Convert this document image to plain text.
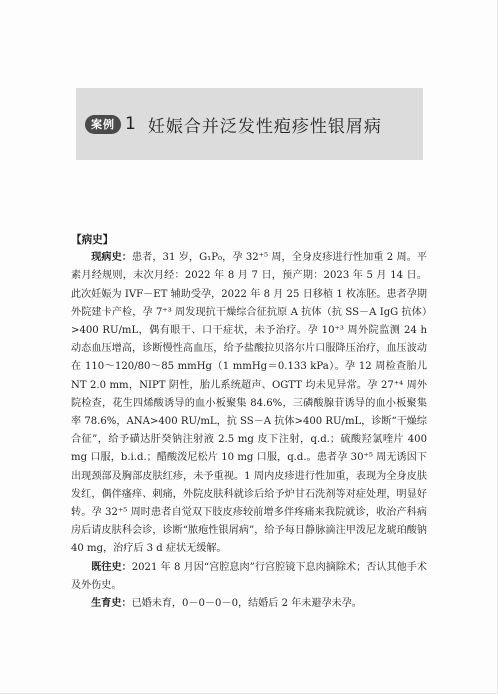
案例 1 妊娠合并泛发性疱疹性银屑病
【病史】

现病史：患者，31 岁，G₁P₀，孕 32⁺⁵ 周，全身皮疹进行性加重 2 周。平素月经规则，末次月经：2022 年 8 月 7 日，预产期：2023 年 5 月 14 日。此次妊娠为 IVF－ET 辅助受孕，2022 年 8 月 25 日移植 1 枚冻胚。患者孕期外院建卡产检，孕 7⁺³ 周发现抗干燥综合征抗原 A 抗体（抗 SS－A IgG 抗体）>400 RU/mL，偶有眼干、口干症状，未予治疗。孕 10⁺³ 周外院监测 24 h 动态血压增高，诊断慢性高血压，给予盐酸拉贝洛尔片口服降压治疗，血压波动在 110～120/80～85 mmHg（1 mmHg＝0.133 kPa）。孕 12 周检查胎儿 NT 2.0 mm，NIPT 阴性，胎儿系统超声、OGTT 均未见异常。孕 27⁺⁴ 周外院检查，花生四烯酸诱导的血小板聚集 84.6%，三磷酸腺苷诱导的血小板聚集率 78.6%，ANA>400 RU/mL，抗 SS－A 抗体>400 RU/mL，诊断“干燥综合征”，给予磺达肝癸钠注射液 2.5 mg 皮下注射，q.d.；硫酸羟氯喹片 400 mg 口服，b.i.d.；醋酸泼尼松片 10 mg 口服，q.d.。患者孕 30⁺⁵ 周无诱因下出现颈部及胸部皮肤红疹，未予重视。1 周内皮疹进行性加重，表现为全身皮肤发红，偶伴瘙痒、刺痛，外院皮肤科就诊后给予炉甘石洗剂等对症处理，明显好转。孕 32⁺⁵ 周时患者自觉双下肢皮疹较前增多伴疼痛来我院就诊，收治产科病房后请皮肤科会诊，诊断“脓疱性银屑病”，给予每日静脉滴注甲泼尼龙琥珀酸钠 40 mg，治疗后 3 d 症状无缓解。

既往史：2021 年 8 月因“宫腔息肉”行宫腔镜下息肉摘除术；否认其他手术及外伤史。

生育史：已婚未育，0－0－0－0，结婚后 2 年未避孕未孕。
